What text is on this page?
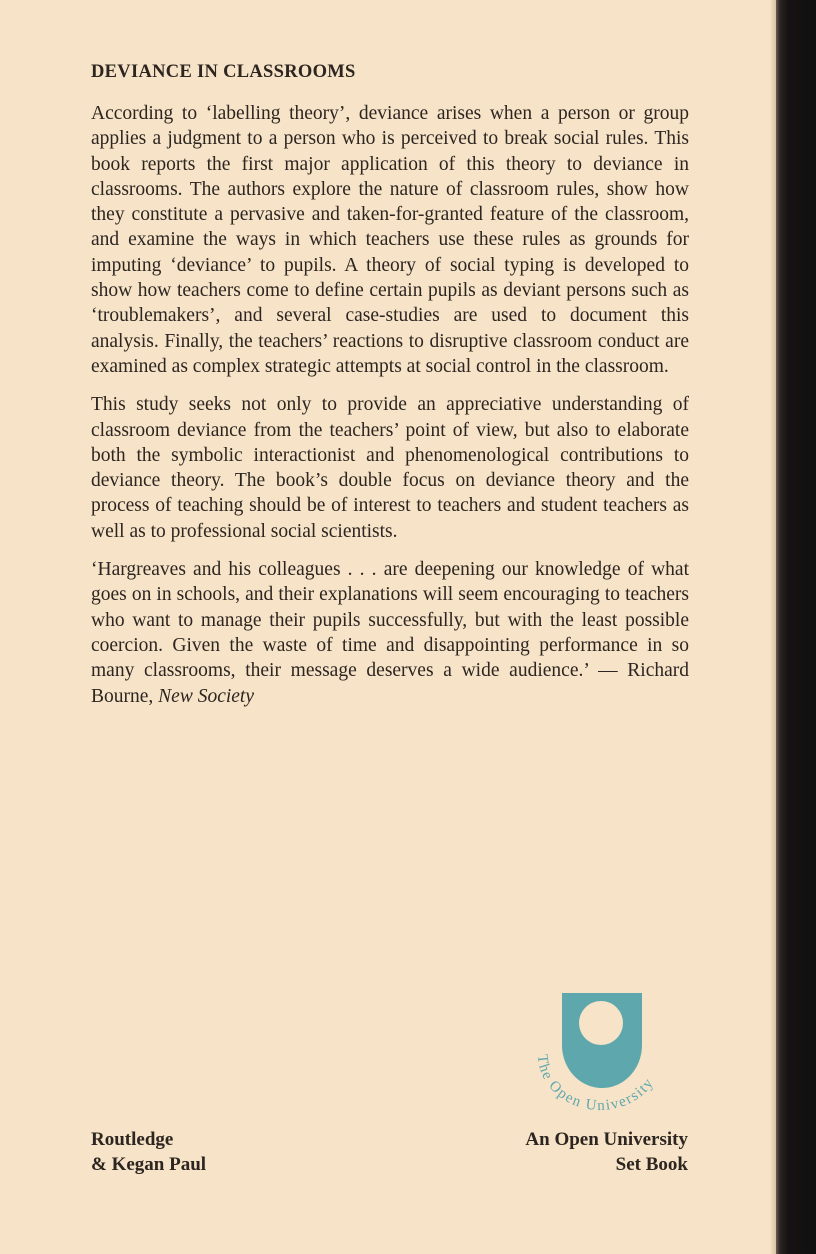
DEVIANCE IN CLASSROOMS

According to ‘labelling theory’, deviance arises when a person or group applies a judgment to a person who is perceived to break social rules. This book reports the first major application of this theory to deviance in classrooms. The authors explore the nature of classroom rules, show how they constitute a pervasive and taken-for-granted feature of the classroom, and examine the ways in which teachers use these rules as grounds for imputing ‘deviance’ to pupils. A theory of social typing is developed to show how teachers come to define certain pupils as deviant persons such as ‘troublemakers’, and several case-studies are used to document this analysis. Finally, the teachers’ reactions to disruptive classroom conduct are examined as complex strategic attempts at social control in the classroom.

This study seeks not only to provide an appreciative understanding of classroom deviance from the teachers’ point of view, but also to elaborate both the symbolic interactionist and phenomenological contributions to deviance theory. The book’s double focus on deviance theory and the process of teaching should be of interest to teachers and student teachers as well as to professional social scientists.

‘Hargreaves and his colleagues . . . are deepening our knowledge of what goes on in schools, and their explanations will seem encouraging to teachers who want to manage their pupils successfully, but with the least possible coercion. Given the waste of time and disappointing performance in so many classrooms, their message deserves a wide audience.’ — Richard Bourne, New Society

The Open University
Routledge
& Kegan Paul
An Open University
Set Book
